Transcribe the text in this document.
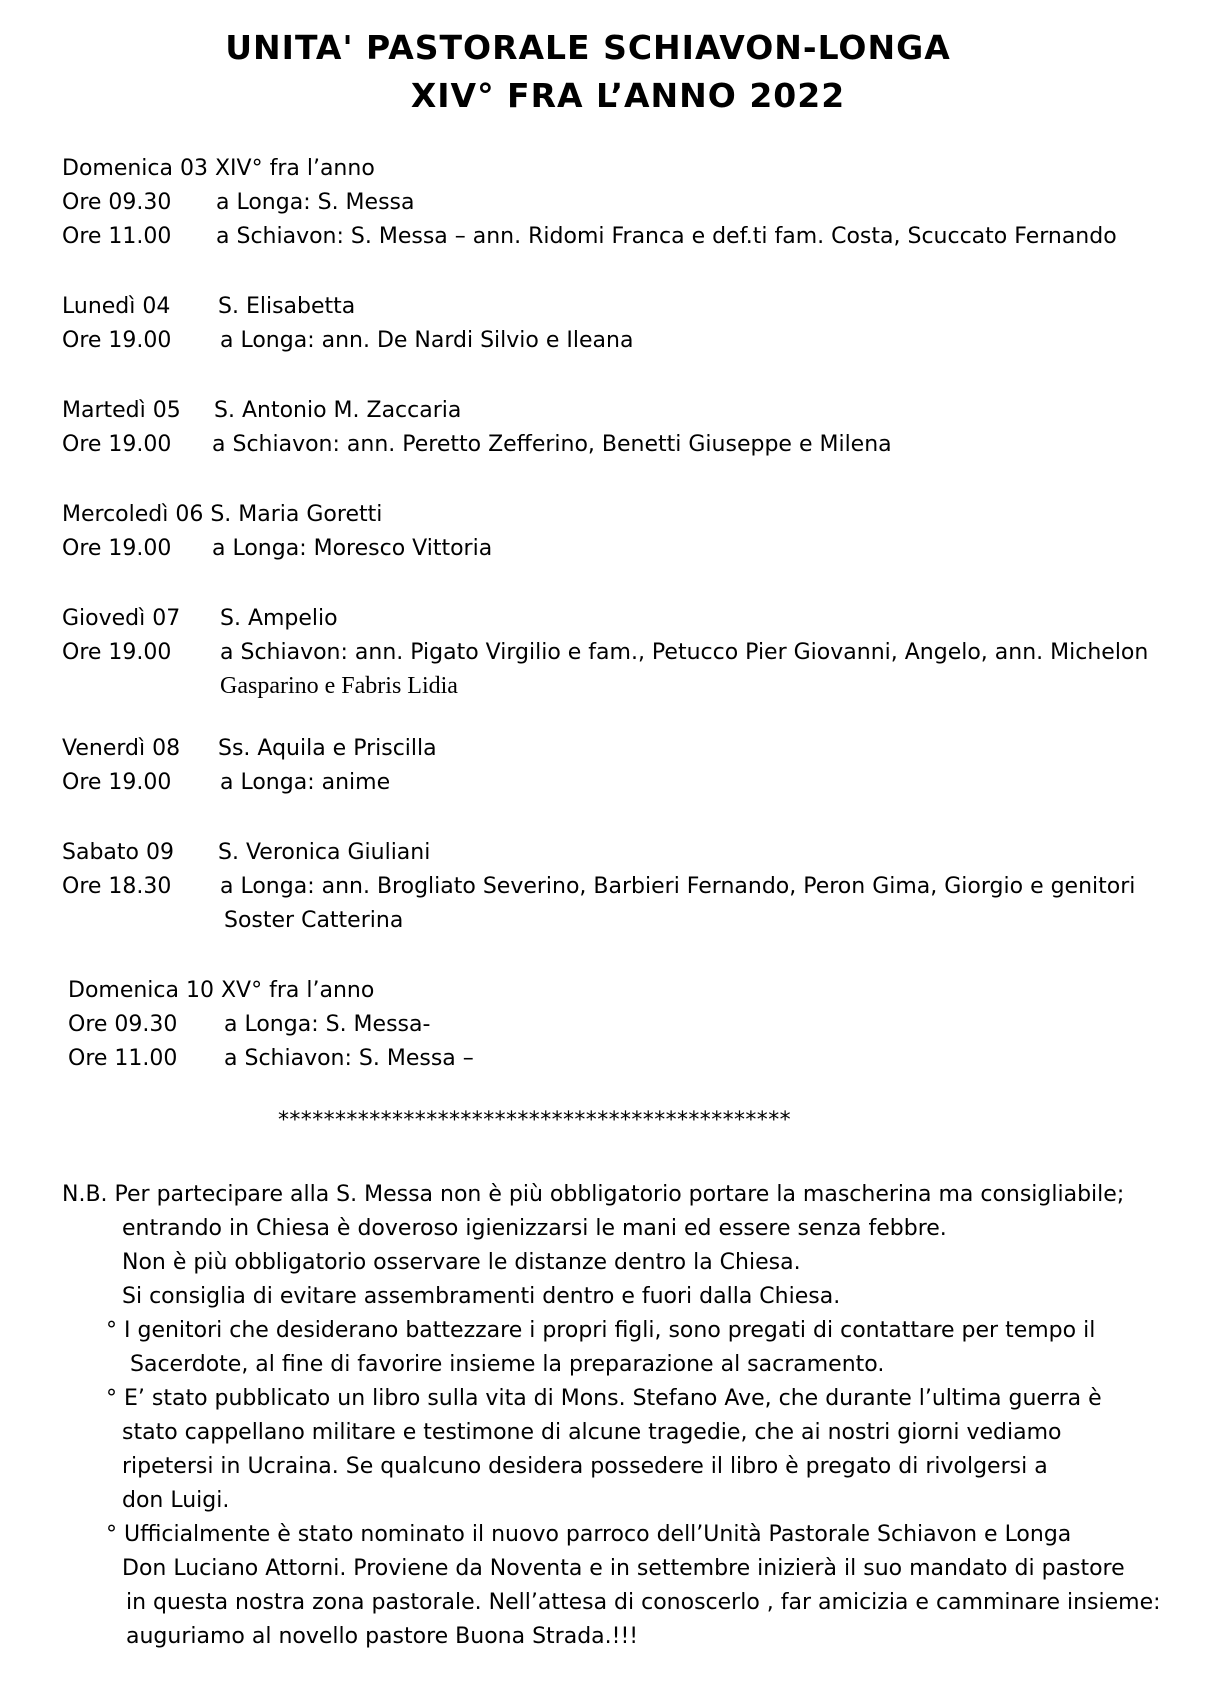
UNITA' PASTORALE SCHIAVON-LONGA
XIV° FRA L’ANNO 2022
Domenica 03 XIV° fra l’anno
Ore 09.30 a Longa: S. Messa
Ore 11.00 a Schiavon: S. Messa – ann. Ridomi Franca e def.ti fam. Costa, Scuccato Fernando
Lunedì 04 S. Elisabetta
Ore 19.00 a Longa: ann. De Nardi Silvio e Ileana
Martedì 05 S. Antonio M. Zaccaria
Ore 19.00 a Schiavon: ann. Peretto Zefferino, Benetti Giuseppe e Milena
Mercoledì 06 S. Maria Goretti
Ore 19.00 a Longa: Moresco Vittoria
Giovedì 07 S. Ampelio
Ore 19.00 a Schiavon: ann. Pigato Virgilio e fam., Petucco Pier Giovanni, Angelo, ann. Michelon
Gasparino e Fabris Lidia
Venerdì 08 Ss. Aquila e Priscilla
Ore 19.00 a Longa: anime
Sabato 09 S. Veronica Giuliani
Ore 18.30 a Longa: ann. Brogliato Severino, Barbieri Fernando, Peron Gima, Giorgio e genitori
Soster Catterina
Domenica 10 XV° fra l’anno
Ore 09.30 a Longa: S. Messa-
Ore 11.00 a Schiavon: S. Messa –
*********************************************
N.B. Per partecipare alla S. Messa non è più obbligatorio portare la mascherina ma consigliabile;
entrando in Chiesa è doveroso igienizzarsi le mani ed essere senza febbre.
Non è più obbligatorio osservare le distanze dentro la Chiesa.
Si consiglia di evitare assembramenti dentro e fuori dalla Chiesa.
° I genitori che desiderano battezzare i propri figli, sono pregati di contattare per tempo il
Sacerdote, al fine di favorire insieme la preparazione al sacramento.
° E’ stato pubblicato un libro sulla vita di Mons. Stefano Ave, che durante l’ultima guerra è
stato cappellano militare e testimone di alcune tragedie, che ai nostri giorni vediamo
ripetersi in Ucraina. Se qualcuno desidera possedere il libro è pregato di rivolgersi a
don Luigi.
° Ufficialmente è stato nominato il nuovo parroco dell’Unità Pastorale Schiavon e Longa
Don Luciano Attorni. Proviene da Noventa e in settembre inizierà il suo mandato di pastore
in questa nostra zona pastorale. Nell’attesa di conoscerlo , far amicizia e camminare insieme:
auguriamo al novello pastore Buona Strada.!!!
